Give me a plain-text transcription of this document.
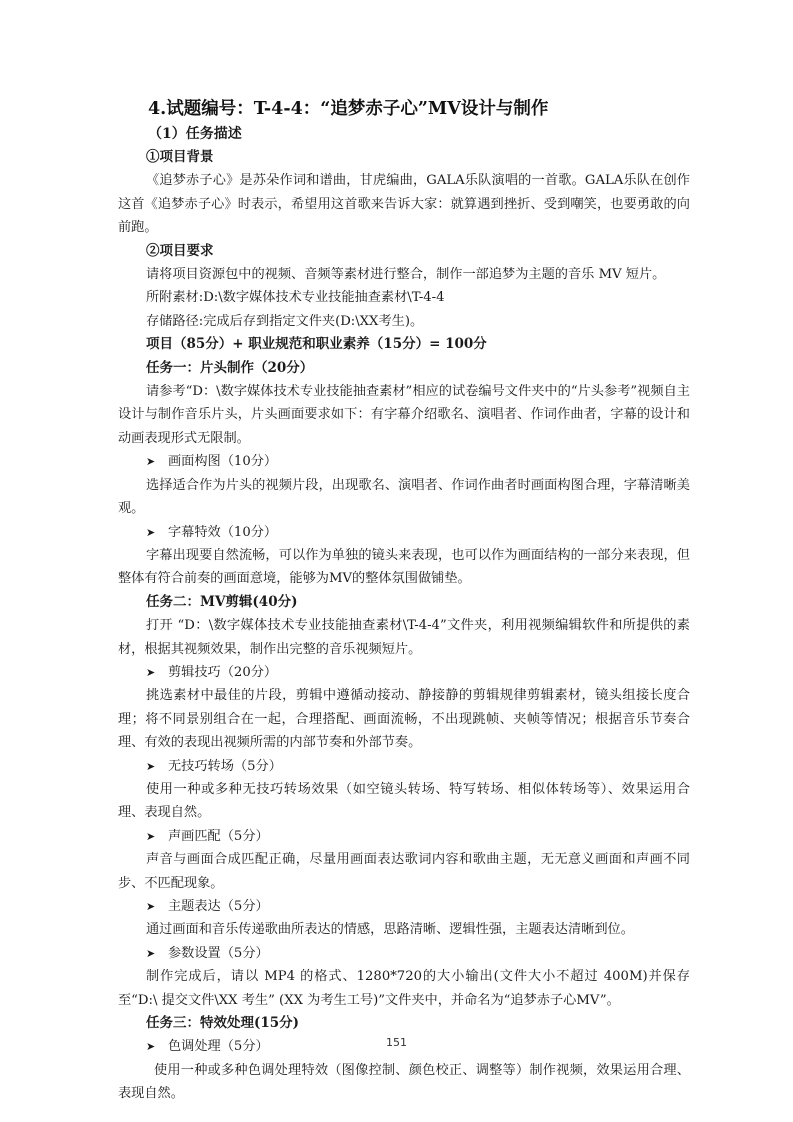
4.试题编号：T-4-4：“追梦赤子心”MV设计与制作
（1）任务描述
①项目背景

《追梦赤子心》是苏朵作词和谱曲，甘虎编曲，GALA乐队演唱的一首歌。GALA乐队在创作这首《追梦赤子心》时表示，希望用这首歌来告诉大家：就算遇到挫折、受到嘲笑，也要勇敢的向前跑。

②项目要求

请将项目资源包中的视频、音频等素材进行整合，制作一部追梦为主题的音乐 MV 短片。

所附素材:D:\数字媒体技术专业技能抽查素材\T-4-4

存储路径:完成后存到指定文件夹(D:\XX考生)。

项目（85分）+ 职业规范和职业素养（15分）= 100分
任务一：片头制作（20分）

请参考“D：\数字媒体技术专业技能抽查素材”相应的试卷编号文件夹中的“片头参考”视频自主设计与制作音乐片头，片头画面要求如下：有字幕介绍歌名、演唱者、作词作曲者，字幕的设计和动画表现形式无限制。

➤ 画面构图（10分）

选择适合作为片头的视频片段，出现歌名、演唱者、作词作曲者时画面构图合理，字幕清晰美观。

➤ 字幕特效（10分）

字幕出现要自然流畅，可以作为单独的镜头来表现，也可以作为画面结构的一部分来表现，但整体有符合前奏的画面意境，能够为MV的整体氛围做铺垫。

任务二：MV剪辑(40分)

打开 “D：\数字媒体技术专业技能抽查素材\T-4-4”文件夹，利用视频编辑软件和所提供的素材，根据其视频效果，制作出完整的音乐视频短片。

➤ 剪辑技巧（20分）

挑选素材中最佳的片段，剪辑中遵循动接动、静接静的剪辑规律剪辑素材，镜头组接长度合理；将不同景别组合在一起，合理搭配、画面流畅，不出现跳帧、夹帧等情况；根据音乐节奏合理、有效的表现出视频所需的内部节奏和外部节奏。

➤ 无技巧转场（5分）

使用一种或多种无技巧转场效果（如空镜头转场、特写转场、相似体转场等）、效果运用合理、表现自然。

➤ 声画匹配（5分）

声音与画面合成匹配正确，尽量用画面表达歌词内容和歌曲主题，无无意义画面和声画不同步、不匹配现象。

➤ 主题表达（5分）

通过画面和音乐传递歌曲所表达的情感，思路清晰、逻辑性强，主题表达清晰到位。

➤ 参数设置（5分）

制作完成后，请以 MP4 的格式、1280*720的大小输出(文件大小不超过 400M)并保存至“D:\ 提交文件\XX 考生” (XX 为考生工号)”文件夹中，并命名为“追梦赤子心MV”。

任务三：特效处理(15分)
➤ 色调处理（5分）

使用一种或多种色调处理特效（图像控制、颜色校正、调整等）制作视频，效果运用合理、表现自然。

151
